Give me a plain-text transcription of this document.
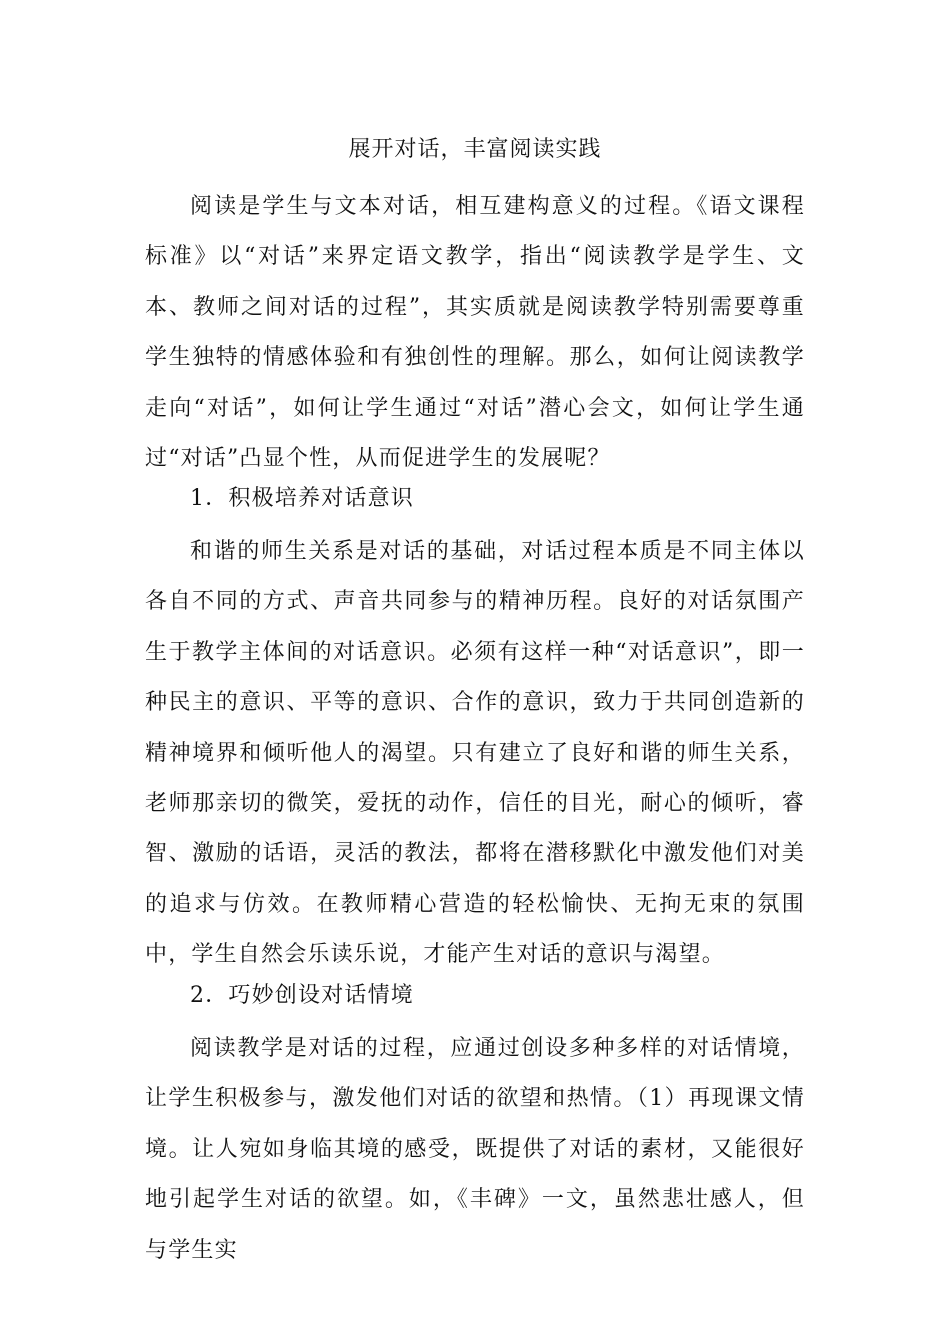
展开对话，丰富阅读实践

阅读是学生与文本对话，相互建构意义的过程。《语文课程标准》以“对话”来界定语文教学，指出“阅读教学是学生、文本、教师之间对话的过程”，其实质就是阅读教学特别需要尊重学生独特的情感体验和有独创性的理解。那么，如何让阅读教学走向“对话”，如何让学生通过“对话”潜心会文，如何让学生通过“对话”凸显个性，从而促进学生的发展呢？

1．积极培养对话意识

和谐的师生关系是对话的基础，对话过程本质是不同主体以各自不同的方式、声音共同参与的精神历程。良好的对话氛围产生于教学主体间的对话意识。必须有这样一种“对话意识”，即一种民主的意识、平等的意识、合作的意识，致力于共同创造新的精神境界和倾听他人的渴望。只有建立了良好和谐的师生关系，老师那亲切的微笑，爱抚的动作，信任的目光，耐心的倾听，睿智、激励的话语，灵活的教法，都将在潜移默化中激发他们对美的追求与仿效。在教师精心营造的轻松愉快、无拘无束的氛围中，学生自然会乐读乐说，才能产生对话的意识与渴望。

2．巧妙创设对话情境

阅读教学是对话的过程，应通过创设多种多样的对话情境，让学生积极参与，激发他们对话的欲望和热情。（1）再现课文情境。让人宛如身临其境的感受，既提供了对话的素材，又能很好地引起学生对话的欲望。如，《丰碑》一文，虽然悲壮感人，但与学生实
